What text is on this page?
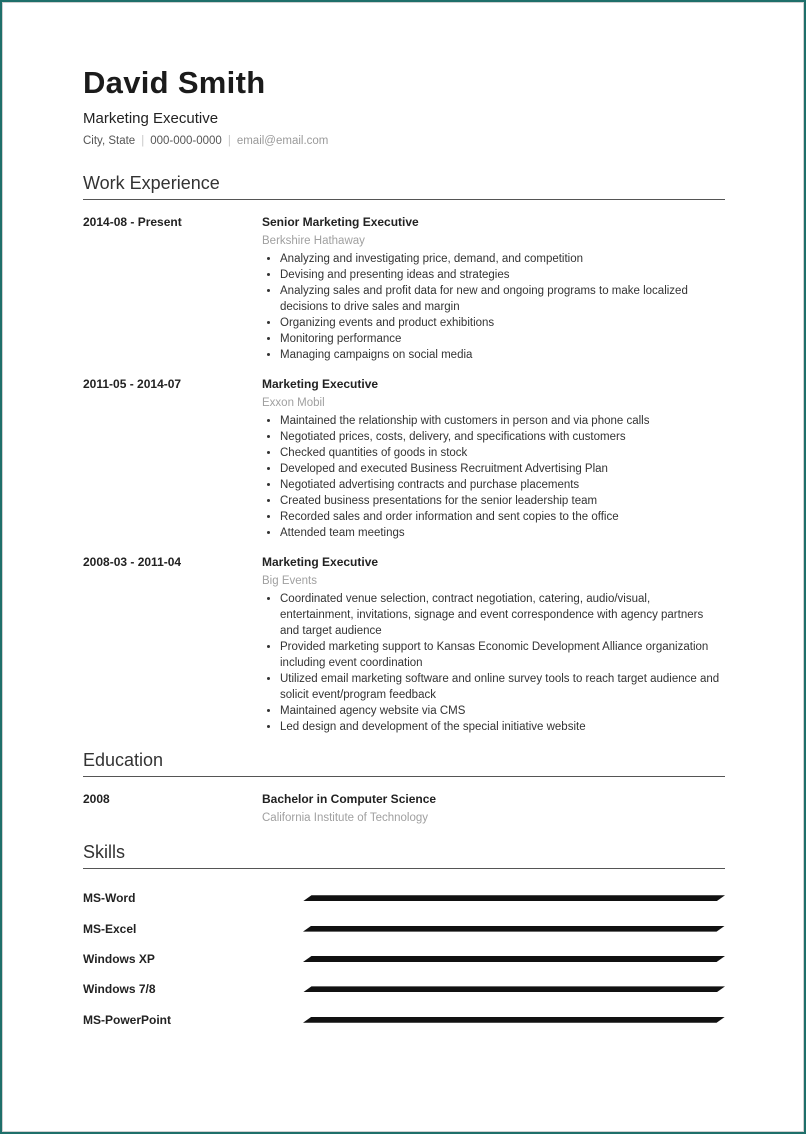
David Smith
Marketing Executive
City, State | 000-000-0000 | email@email.com
Work Experience
2014-08 - Present	Senior Marketing Executive
Berkshire Hathaway
• Analyzing and investigating price, demand, and competition
• Devising and presenting ideas and strategies
• Analyzing sales and profit data for new and ongoing programs to make localized decisions to drive sales and margin
• Organizing events and product exhibitions
• Monitoring performance
• Managing campaigns on social media
2011-05 - 2014-07	Marketing Executive
Exxon Mobil
• Maintained the relationship with customers in person and via phone calls
• Negotiated prices, costs, delivery, and specifications with customers
• Checked quantities of goods in stock
• Developed and executed Business Recruitment Advertising Plan
• Negotiated advertising contracts and purchase placements
• Created business presentations for the senior leadership team
• Recorded sales and order information and sent copies to the office
• Attended team meetings
2008-03 - 2011-04	Marketing Executive
Big Events
• Coordinated venue selection, contract negotiation, catering, audio/visual, entertainment, invitations, signage and event correspondence with agency partners and target audience
• Provided marketing support to Kansas Economic Development Alliance organization including event coordination
• Utilized email marketing software and online survey tools to reach target audience and solicit event/program feedback
• Maintained agency website via CMS
• Led design and development of the special initiative website
Education
2008	Bachelor in Computer Science
California Institute of Technology
Skills
MS-Word
MS-Excel
Windows XP
Windows 7/8
MS-PowerPoint
